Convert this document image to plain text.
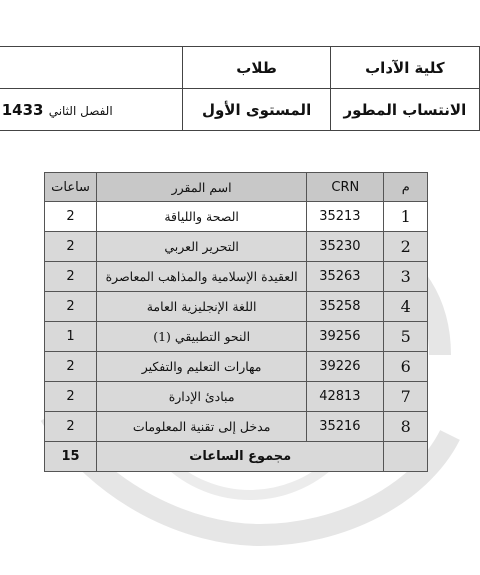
كلية الآداب	طلاب	
الانتساب المطور	المستوى الأول	الفصل الثاني 1433
ساعات	اسم المقرر	CRN	م
2	الصحة واللياقة	35213	1
2	التحرير العربي	35230	2
2	العقيدة الإسلامية والمذاهب المعاصرة	35263	3
2	اللغة الإنجليزية العامة	35258	4
1	النحو التطبيقي (1)	39256	5
2	مهارات التعليم والتفكير	39226	6
2	مبادئ الإدارة	42813	7
2	مدخل إلى تقنية المعلومات	35216	8
15	مجموع الساعات		
